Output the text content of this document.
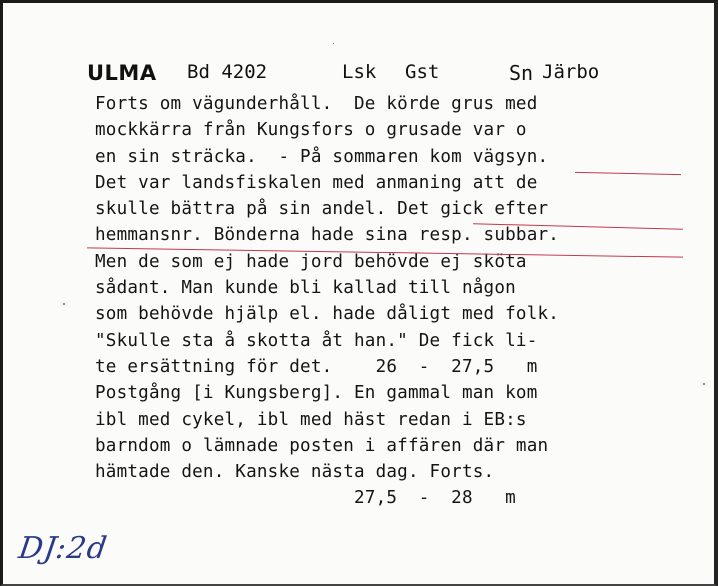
ULMA Bd 4202	Lsk Gst	Sn Järbo
Forts om vägunderhåll.  De körde grus med
mockkärra från Kungsfors o grusade var o
en sin sträcka.  - På sommaren kom vägsyn.
Det var landsfiskalen med anmaning att de
skulle bättra på sin andel. Det gick efter
hemmansnr. Bönderna hade sina resp. subbar.
Men de som ej hade jord behövde ej sköta
sådant. Man kunde bli kallad till någon
som behövde hjälp el. hade dåligt med folk.
"Skulle sta å skotta åt han." De fick li-
te ersättning för det.    26  -  27,5   m
Postgång [i Kungsberg]. En gammal man kom
ibl med cykel, ibl med häst redan i EB:s
barndom o lämnade posten i affären där man
hämtade den. Kanske nästa dag. Forts.
27,5  -  28   m
DJ:2d
